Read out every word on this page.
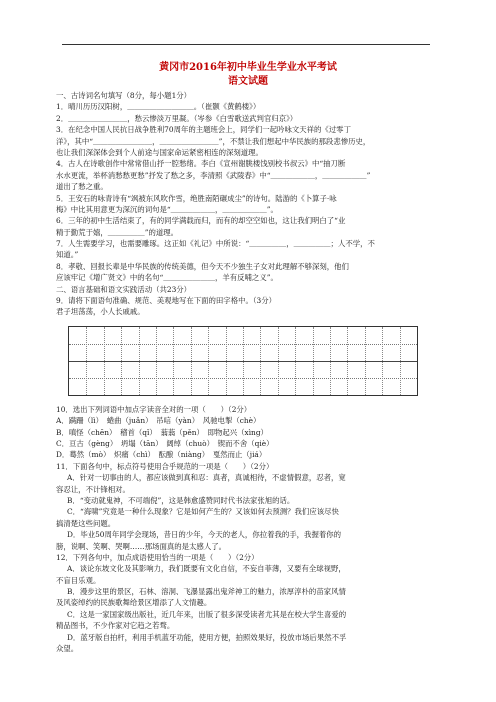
黄冈市2016年初中毕业生学业水平考试
语文试题
一、古诗词名句填写（8分，每小题1分）
1．晴川历历汉阳树，＿＿＿＿＿＿＿＿＿。（崔颢《黄鹤楼》）
2．＿＿＿＿＿＿＿＿，愁云惨淡万里凝。（岑参《白雪歌送武判官归京》）
3．在纪念中国人民抗日战争胜利70周年的主题班会上，同学们一起吟咏文天祥的《过零丁
洋》，其中“＿＿＿＿＿＿＿＿，＿＿＿＿＿＿＿＿”，不禁让我们想起中华民族的那段悲惨历史，
也让我们深深体会到个人前途与国家命运紧密相连的深刻道理。
4．古人在诗歌创作中常常借山抒一腔愁绪。李白《宣州谢朓楼饯别校书叔云》中“抽刀断
水水更流，举杯消愁愁更愁”抒发了愁之多，李清照《武陵春》中“＿＿＿＿＿＿，＿＿＿＿＿＿”
道出了愁之重。
5．王安石的咏青诗有“飒被东风吹作雪，绝胜南陌碾成尘”的诗句。陆游的《卜算子·咏
梅》中比其用意更为深沉的词句是“＿＿＿＿＿＿，＿＿＿＿＿＿”。
6．三年的初中生活结束了，有的同学满载而归，而有的却空空如也，这让我们明白了“业
精于勤荒于嬉，＿＿＿＿＿”的道理。
7．人生需要学习，也需要雕琢。这正如《礼记》中所说：“＿＿＿＿＿，＿＿＿＿＿；人不学，不
知道。”
8．孝敬、回报长辈是中华民族的传统美德，但今天不少独生子女对此理解不够深刻，他们
应该牢记《增广贤文》中的名句“＿＿＿＿＿＿＿，羊有反哺之义”。
二、语言基础和语文实践活动（共23分）
9．请将下面语句准确、规范、美观地写在下面的田字格中。（3分）
君子坦荡荡，小人长戚戚。
10．选出下列词语中加点字读音全对的一项（　　）（2分）
A．蹒跚（lì）　蜷曲（juǎn）　吊唁（yàn）　风驰电掣（chè）
B．嗔怪（chēn）　稽首（qǐ）　蓊蓊（pěn）　即物起兴（xìng）
C．亘古（gèng）　坍塌（tān）　阔绰（chuò）　锲而不舍（qiè）
D．蓦然（mò）　炽痛（chì）　酝酿（niàng）　戛然而止（jiá）
11．下面各句中，标点符号使用合乎规范的一项是（　　）（2分）
A．针对一切事由的人，都应该做到真和忍：真者，真诚相待，不虚情假意，忍者，宽
容忍让，不计锋相对。
B．“变动就鬼神，不可端倪”，这是韩愈盛赞同时代书法家张旭的话。
C．“海啸”究竟是一种什么现象？它是如何产生的？又该如何去预测？我们应该尽快
搞清楚这些问题。
D．毕业50周年同学会现场，昔日的少年，今天的老人，你拉着我的手，我握着你的
膀，说啊、笑啊、哭啊……那场面真的是太感人了。
12．下列各句中，加点成语使用恰当的一项是（　　）（2分）
A．谈论东坡文化及其影响力，我们既要有文化自信，不妄自菲薄，又要有全球视野，
不盲目乐观。
B．漫步这里的景区，石林、溶洞、飞瀑显露出鬼斧神工的魅力，浓厚淳朴的苗家风情
及风姿绰约的民族歌舞给景区增添了人文情趣。
C．这是一家国家级出版社，近几年来，出版了很多深受读者尤其是在校大学生喜爱的
精品图书，不少作家对它趋之若骛。
D．蓝牙版自拍杆，利用手机蓝牙功能，使用方便，拍照效果好，投放市场后果然不孚
众望。
